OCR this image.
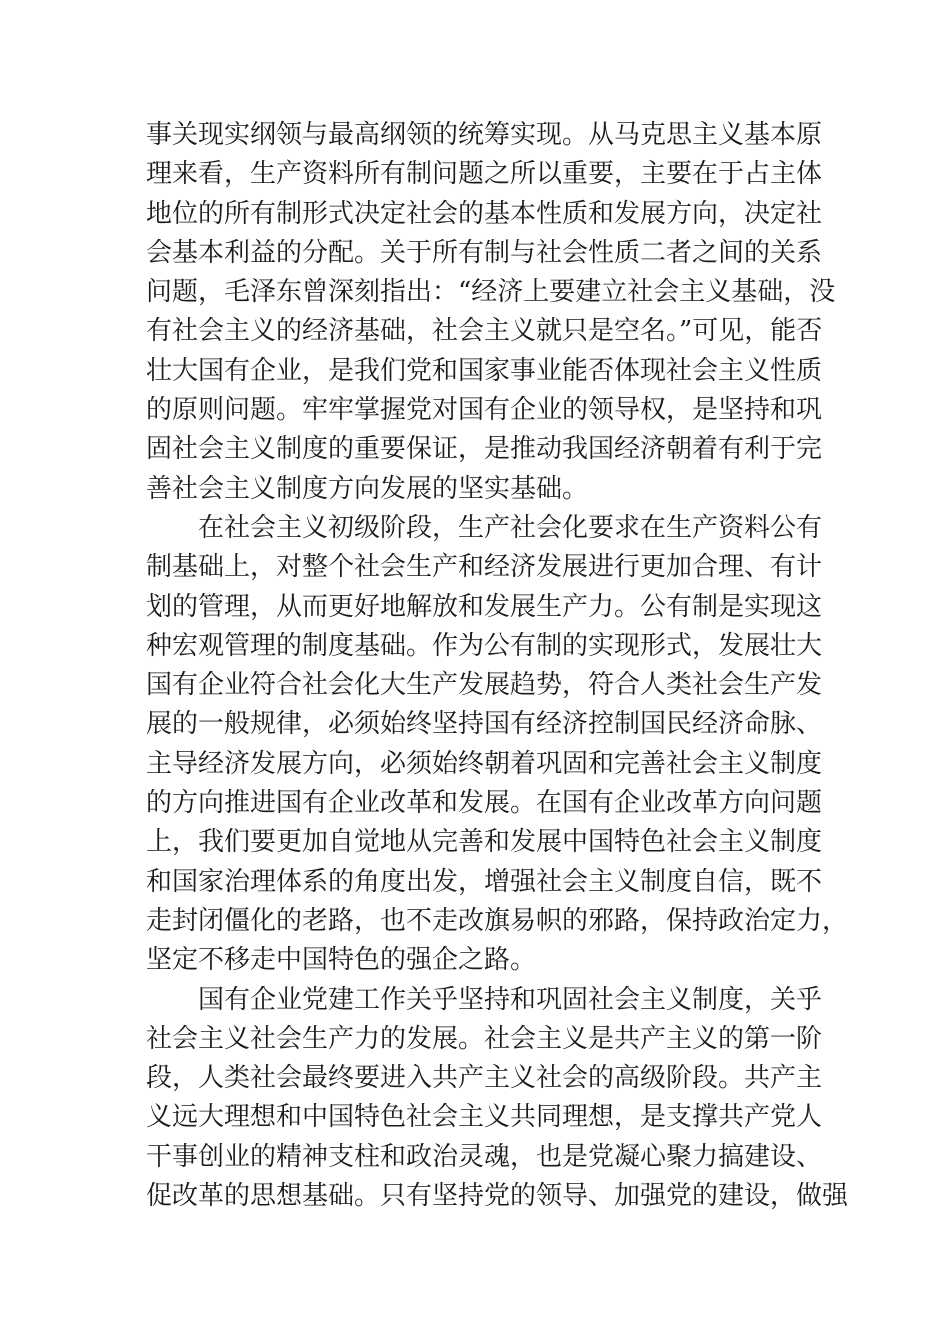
事关现实纲领与最高纲领的统筹实现。从马克思主义基本原
理来看，生产资料所有制问题之所以重要，主要在于占主体
地位的所有制形式决定社会的基本性质和发展方向，决定社
会基本利益的分配。关于所有制与社会性质二者之间的关系
问题，毛泽东曾深刻指出：“经济上要建立社会主义基础，没
有社会主义的经济基础，社会主义就只是空名。”可见，能否
壮大国有企业，是我们党和国家事业能否体现社会主义性质
的原则问题。牢牢掌握党对国有企业的领导权，是坚持和巩
固社会主义制度的重要保证，是推动我国经济朝着有利于完
善社会主义制度方向发展的坚实基础。
在社会主义初级阶段，生产社会化要求在生产资料公有
制基础上，对整个社会生产和经济发展进行更加合理、有计
划的管理，从而更好地解放和发展生产力。公有制是实现这
种宏观管理的制度基础。作为公有制的实现形式，发展壮大
国有企业符合社会化大生产发展趋势，符合人类社会生产发
展的一般规律，必须始终坚持国有经济控制国民经济命脉、
主导经济发展方向，必须始终朝着巩固和完善社会主义制度
的方向推进国有企业改革和发展。在国有企业改革方向问题
上，我们要更加自觉地从完善和发展中国特色社会主义制度
和国家治理体系的角度出发，增强社会主义制度自信，既不
走封闭僵化的老路，也不走改旗易帜的邪路，保持政治定力，
坚定不移走中国特色的强企之路。
国有企业党建工作关乎坚持和巩固社会主义制度，关乎
社会主义社会生产力的发展。社会主义是共产主义的第一阶
段，人类社会最终要进入共产主义社会的高级阶段。共产主
义远大理想和中国特色社会主义共同理想，是支撑共产党人
干事创业的精神支柱和政治灵魂，也是党凝心聚力搞建设、
促改革的思想基础。只有坚持党的领导、加强党的建设，做强
